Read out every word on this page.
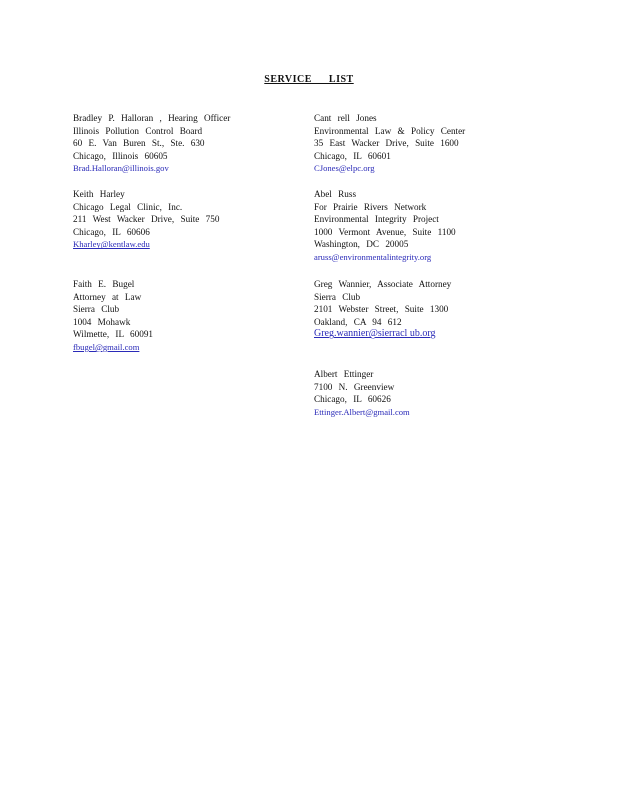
SERVICE LIST
Bradley P. Halloran , Hearing Officer
Illinois Pollution Control Board
60 E. Van Buren St., Ste. 630
Chicago, Illinois 60605
Brad.Halloran@illinois.gov
Keith Harley
Chicago Legal Clinic, Inc.
211 West Wacker Drive, Suite 750
Chicago, IL 60606
Kharley@kentlaw.edu
Faith E. Bugel
Attorney at Law
Sierra Club
1004 Mohawk
Wilmette, IL 60091
fbugel@gmail.com
Cant rell Jones
Environmental Law & Policy Center
35 East Wacker Drive, Suite 1600
Chicago, IL 60601
CJones@elpc.org
Abel Russ
For Prairie Rivers Network
Environmental Integrity Project
1000 Vermont Avenue, Suite 1100
Washington, DC 20005
aruss@environmentalintegrity.org
Greg Wannier, Associate Attorney
Sierra Club
2101 Webster Street, Suite 1300
Oakland, CA 94 612
Greg.wannier@sierracl ub.org
Albert Ettinger
7100 N. Greenview
Chicago, IL 60626
Ettinger.Albert@gmail.com
